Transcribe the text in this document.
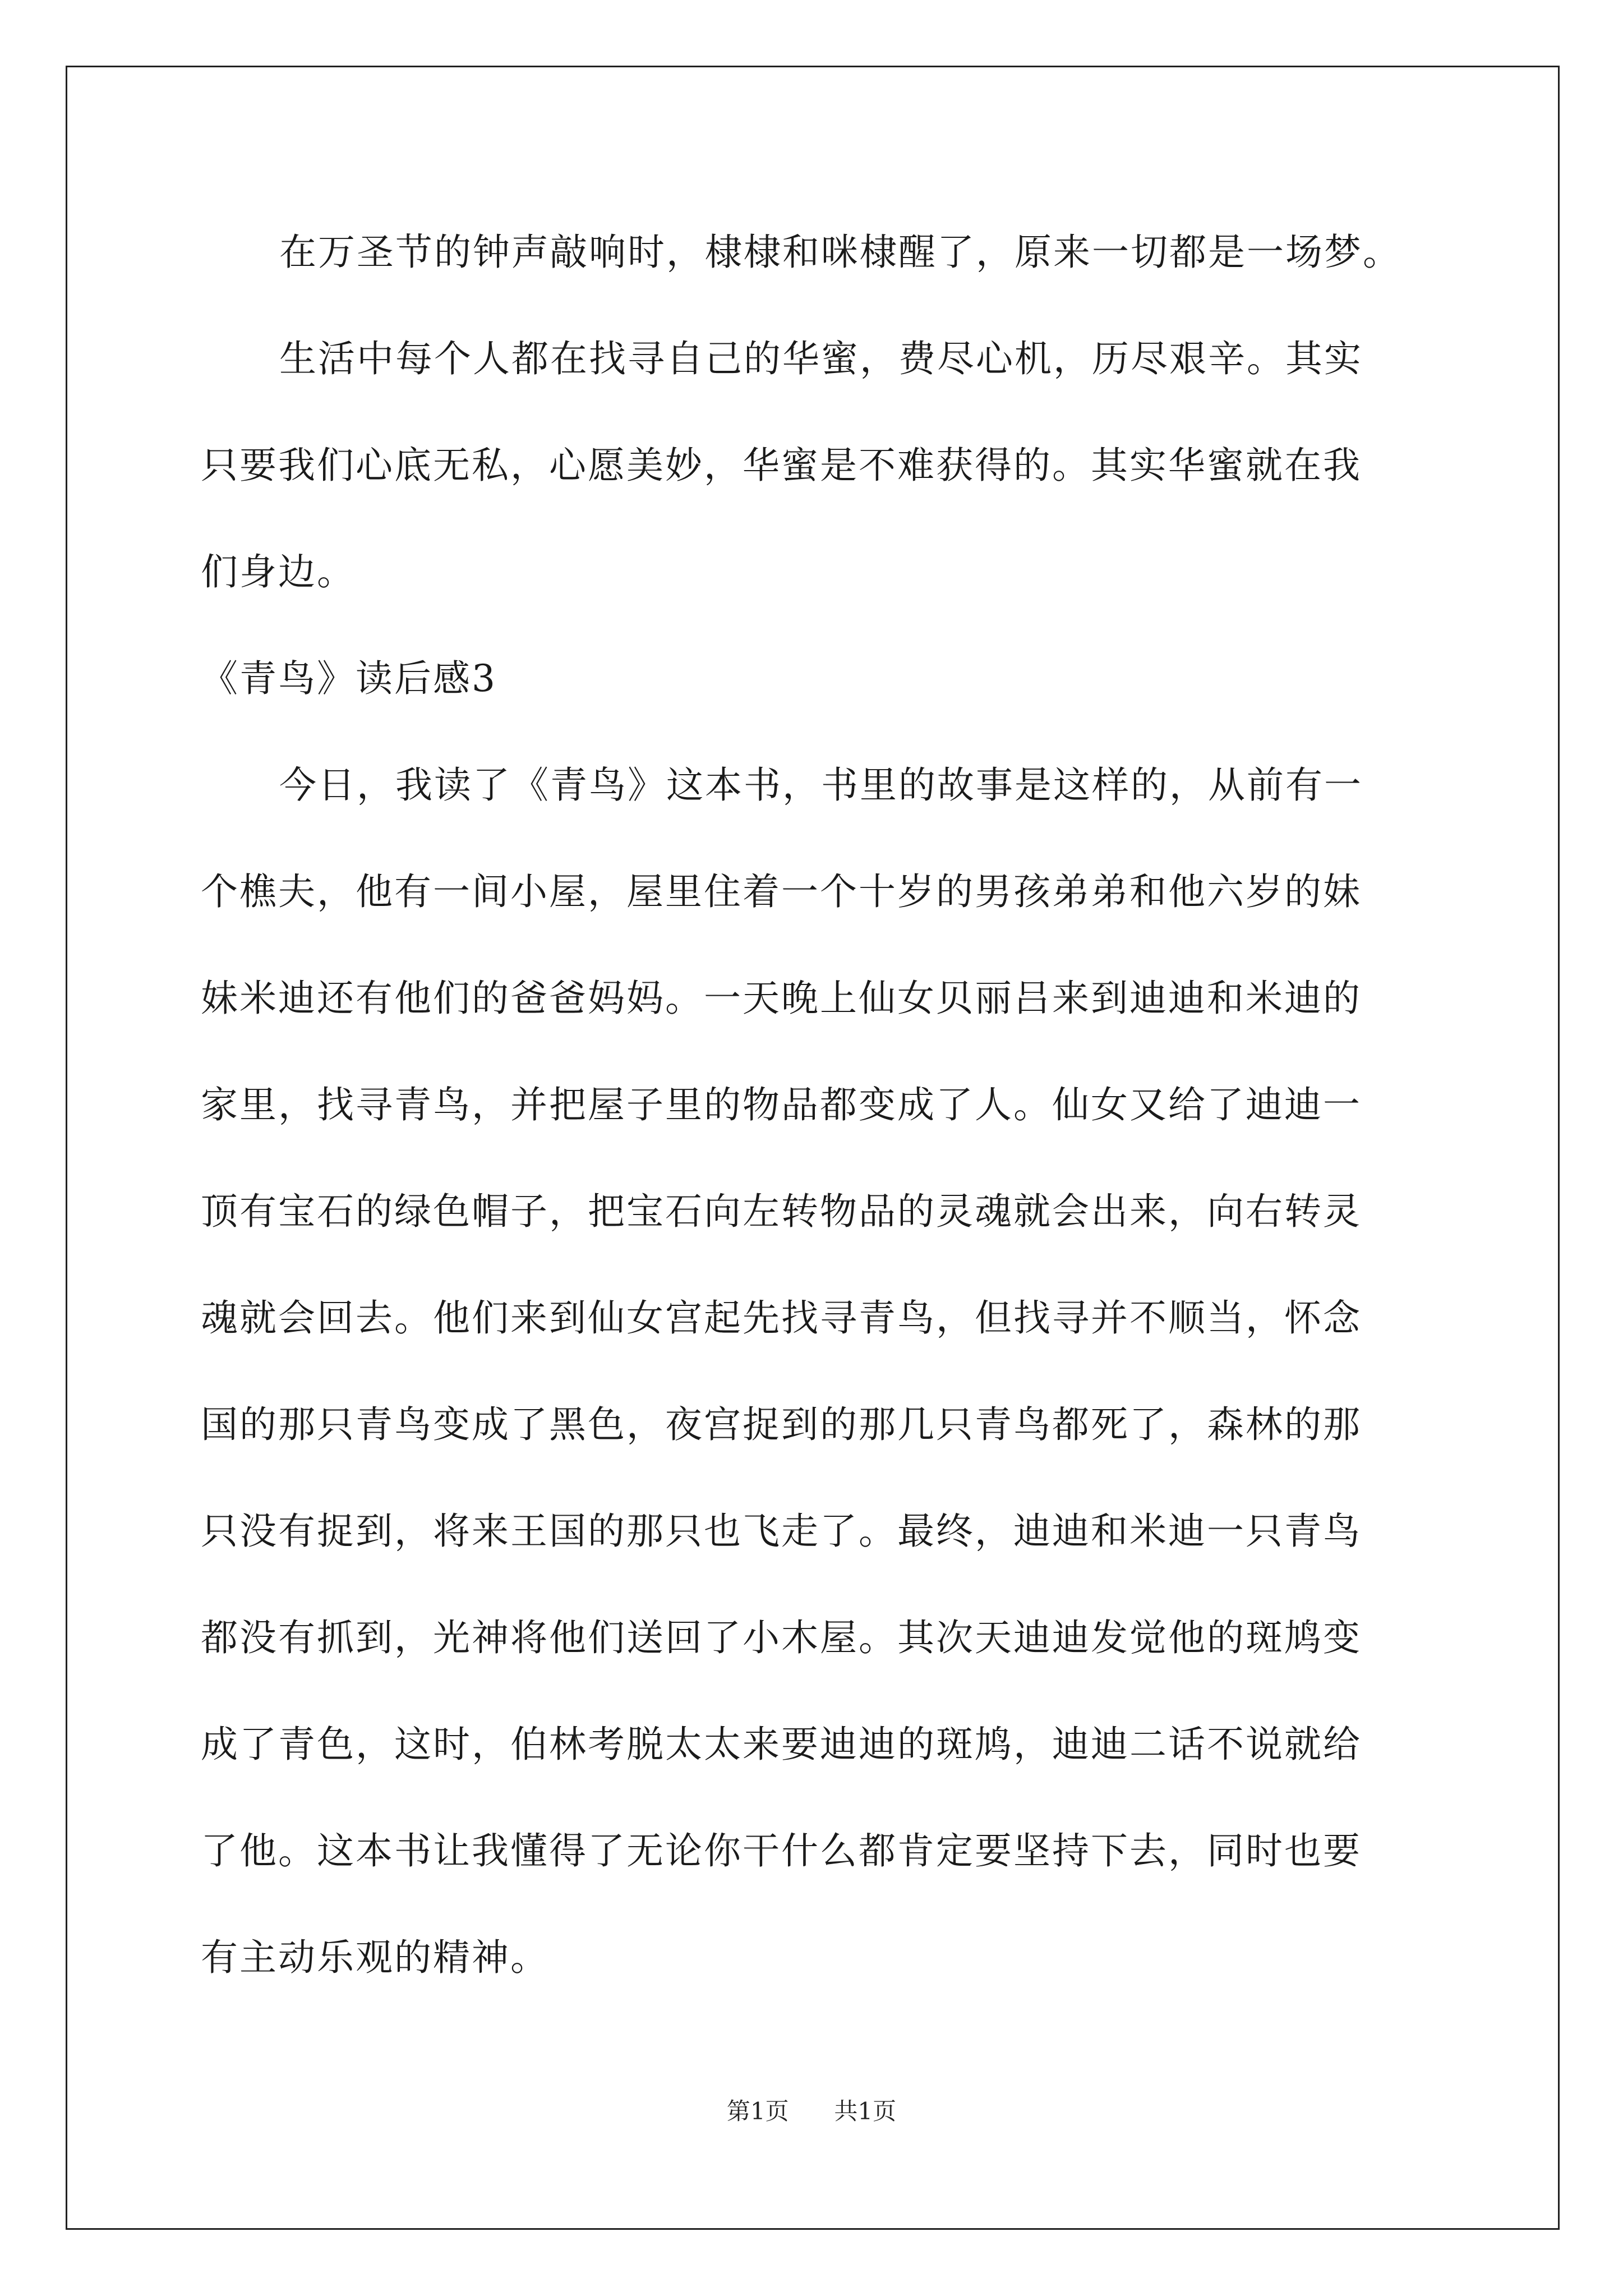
在万圣节的钟声敲响时，棣棣和咪棣醒了，原来一切都是一场梦。
生活中每个人都在找寻自己的华蜜，费尽心机，历尽艰辛。其实
只要我们心底无私，心愿美妙，华蜜是不难获得的。其实华蜜就在我
们身边。
《青鸟》读后感3
今日，我读了《青鸟》这本书，书里的故事是这样的，从前有一
个樵夫，他有一间小屋，屋里住着一个十岁的男孩弟弟和他六岁的妹
妹米迪还有他们的爸爸妈妈。一天晚上仙女贝丽吕来到迪迪和米迪的
家里，找寻青鸟，并把屋子里的物品都变成了人。仙女又给了迪迪一
顶有宝石的绿色帽子，把宝石向左转物品的灵魂就会出来，向右转灵
魂就会回去。他们来到仙女宫起先找寻青鸟，但找寻并不顺当，怀念
国的那只青鸟变成了黑色，夜宫捉到的那几只青鸟都死了，森林的那
只没有捉到，将来王国的那只也飞走了。最终，迪迪和米迪一只青鸟
都没有抓到，光神将他们送回了小木屋。其次天迪迪发觉他的斑鸠变
成了青色，这时，伯林考脱太太来要迪迪的斑鸠，迪迪二话不说就给
了他。这本书让我懂得了无论你干什么都肯定要坚持下去，同时也要
有主动乐观的精神。
第1页 共1页
